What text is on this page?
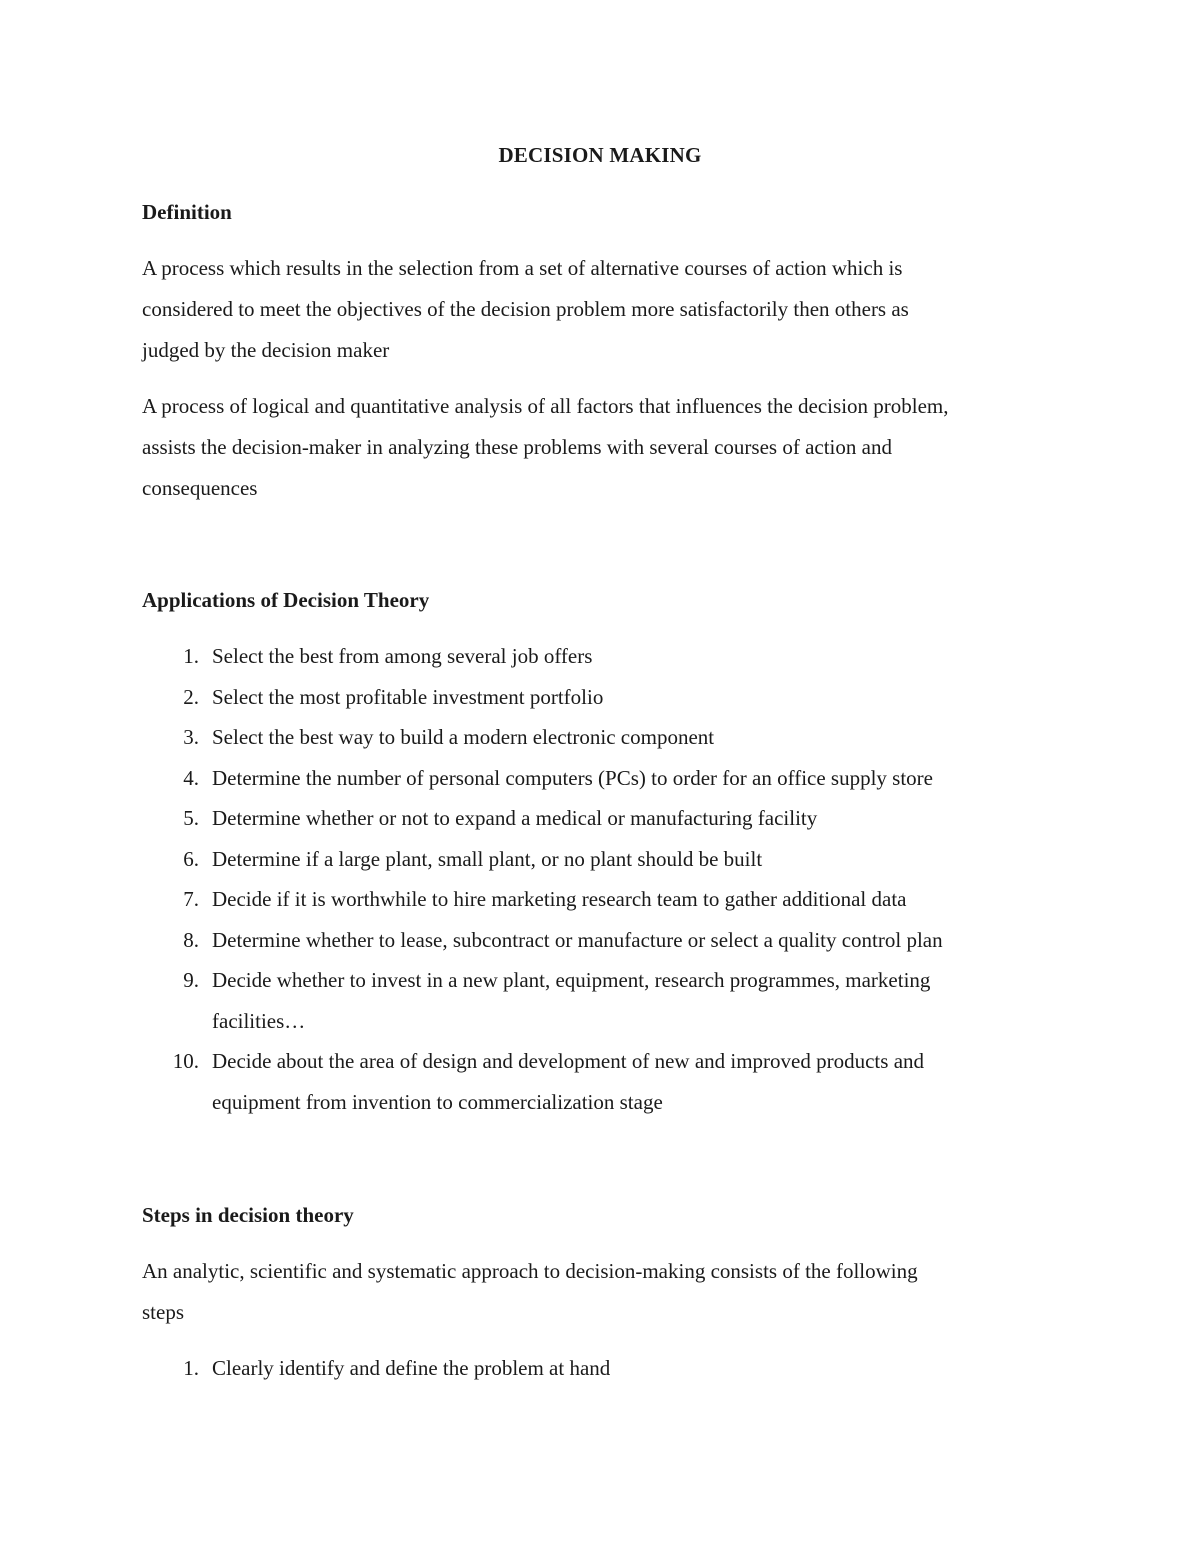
DECISION MAKING
Definition
A process which results in the selection from a set of alternative courses of action which is
considered to meet the objectives of the decision problem more satisfactorily then others as
judged by the decision maker
A process of logical and quantitative analysis of all factors that influences the decision problem,
assists the decision-maker in analyzing these problems with several courses of action and
consequences
Applications of Decision Theory
1. Select the best from among several job offers
2. Select the most profitable investment portfolio
3. Select the best way to build a modern electronic component
4. Determine the number of personal computers (PCs) to order for an office supply store
5. Determine whether or not to expand a medical or manufacturing facility
6. Determine if a large plant, small plant, or no plant should be built
7. Decide if it is worthwhile to hire marketing research team to gather additional data
8. Determine whether to lease, subcontract or manufacture or select a quality control plan
9. Decide whether to invest in a new plant, equipment, research programmes, marketing
facilities…
10. Decide about the area of design and development of new and improved products and
equipment from invention to commercialization stage
Steps in decision theory
An analytic, scientific and systematic approach to decision-making consists of the following
steps
1. Clearly identify and define the problem at hand
